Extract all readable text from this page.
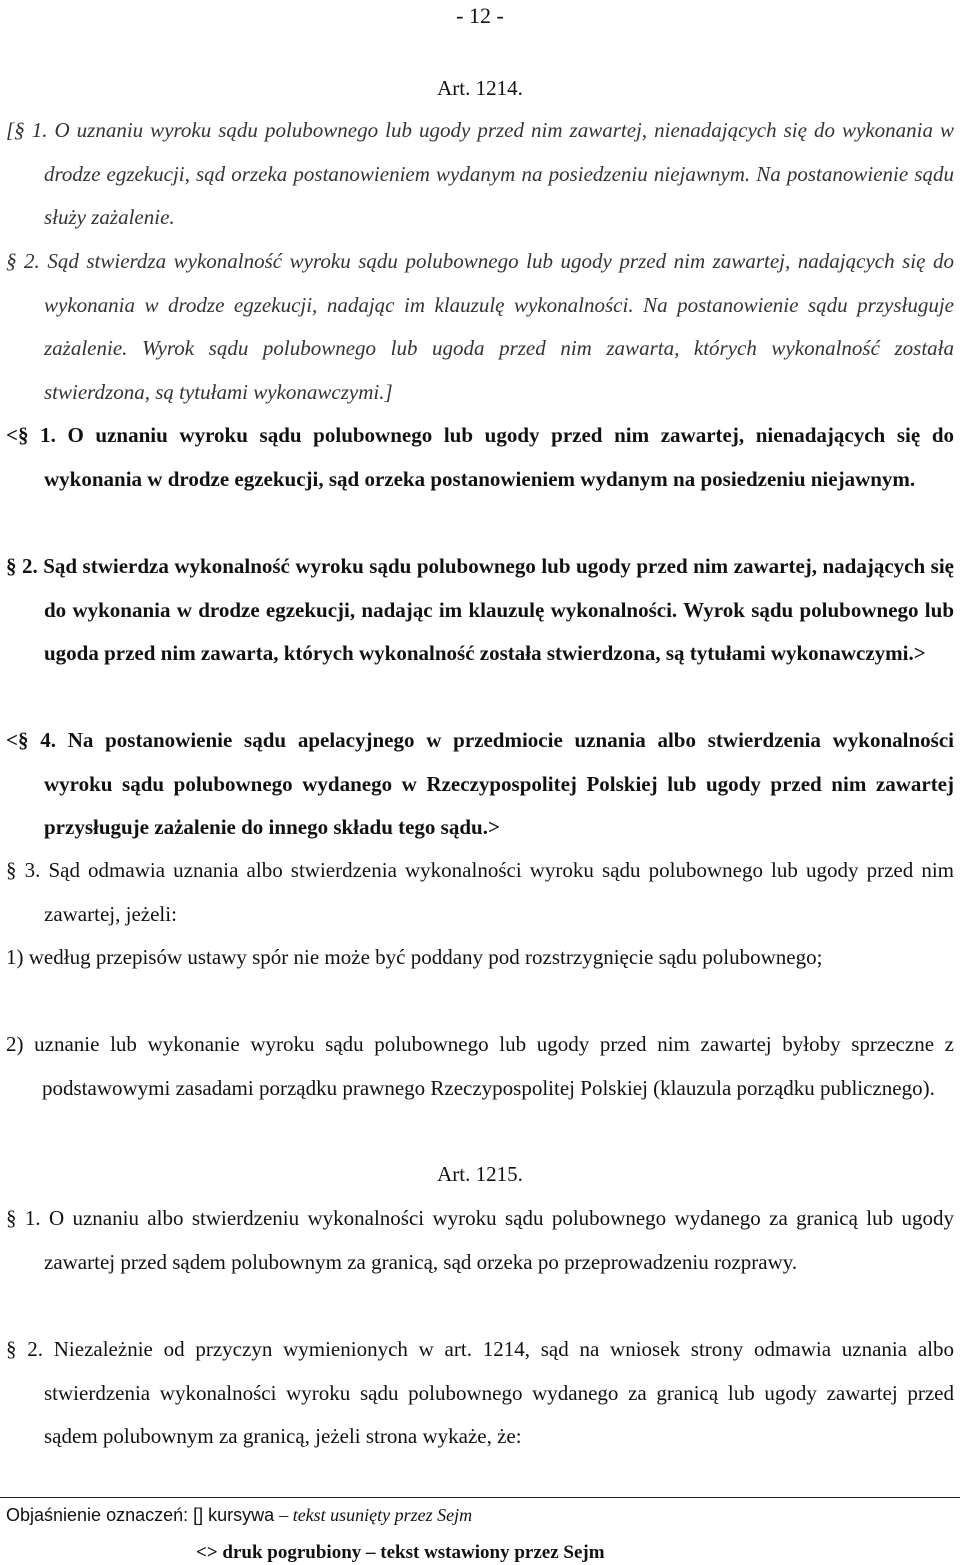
- 12 -
Art. 1214.

[§ 1. O uznaniu wyroku sądu polubownego lub ugody przed nim zawartej, nienadających się do wykonania w drodze egzekucji, sąd orzeka postanowieniem wydanym na posiedzeniu niejawnym. Na postanowienie sądu służy zażalenie.

§ 2. Sąd stwierdza wykonalność wyroku sądu polubownego lub ugody przed nim zawartej, nadających się do wykonania w drodze egzekucji, nadając im klauzulę wykonalności. Na postanowienie sądu przysługuje zażalenie. Wyrok sądu polubownego lub ugoda przed nim zawarta, których wykonalność została stwierdzona, są tytułami wykonawczymi.]

<§ 1. O uznaniu wyroku sądu polubownego lub ugody przed nim zawartej, nienadających się do wykonania w drodze egzekucji, sąd orzeka postanowieniem wydanym na posiedzeniu niejawnym.

§ 2. Sąd stwierdza wykonalność wyroku sądu polubownego lub ugody przed nim zawartej, nadających się do wykonania w drodze egzekucji, nadając im klauzulę wykonalności. Wyrok sądu polubownego lub ugoda przed nim zawarta, których wykonalność została stwierdzona, są tytułami wykonawczymi.>

<§ 4. Na postanowienie sądu apelacyjnego w przedmiocie uznania albo stwierdzenia wykonalności wyroku sądu polubownego wydanego w Rzeczypospolitej Polskiej lub ugody przed nim zawartej przysługuje zażalenie do innego składu tego sądu.>

§ 3. Sąd odmawia uznania albo stwierdzenia wykonalności wyroku sądu polubownego lub ugody przed nim zawartej, jeżeli:

1) według przepisów ustawy spór nie może być poddany pod rozstrzygnięcie sądu polubownego;

2) uznanie lub wykonanie wyroku sądu polubownego lub ugody przed nim zawartej byłoby sprzeczne z podstawowymi zasadami porządku prawnego Rzeczypospolitej Polskiej (klauzula porządku publicznego).

Art. 1215.

§ 1. O uznaniu albo stwierdzeniu wykonalności wyroku sądu polubownego wydanego za granicą lub ugody zawartej przed sądem polubownym za granicą, sąd orzeka po przeprowadzeniu rozprawy.

§ 2. Niezależnie od przyczyn wymienionych w art. 1214, sąd na wniosek strony odmawia uznania albo stwierdzenia wykonalności wyroku sądu polubownego wydanego za granicą lub ugody zawartej przed sądem polubownym za granicą, jeżeli strona wykaże, że:

Objaśnienie oznaczeń: [] kursywa – tekst usunięty przez Sejm
<> druk pogrubiony – tekst wstawiony przez Sejm
